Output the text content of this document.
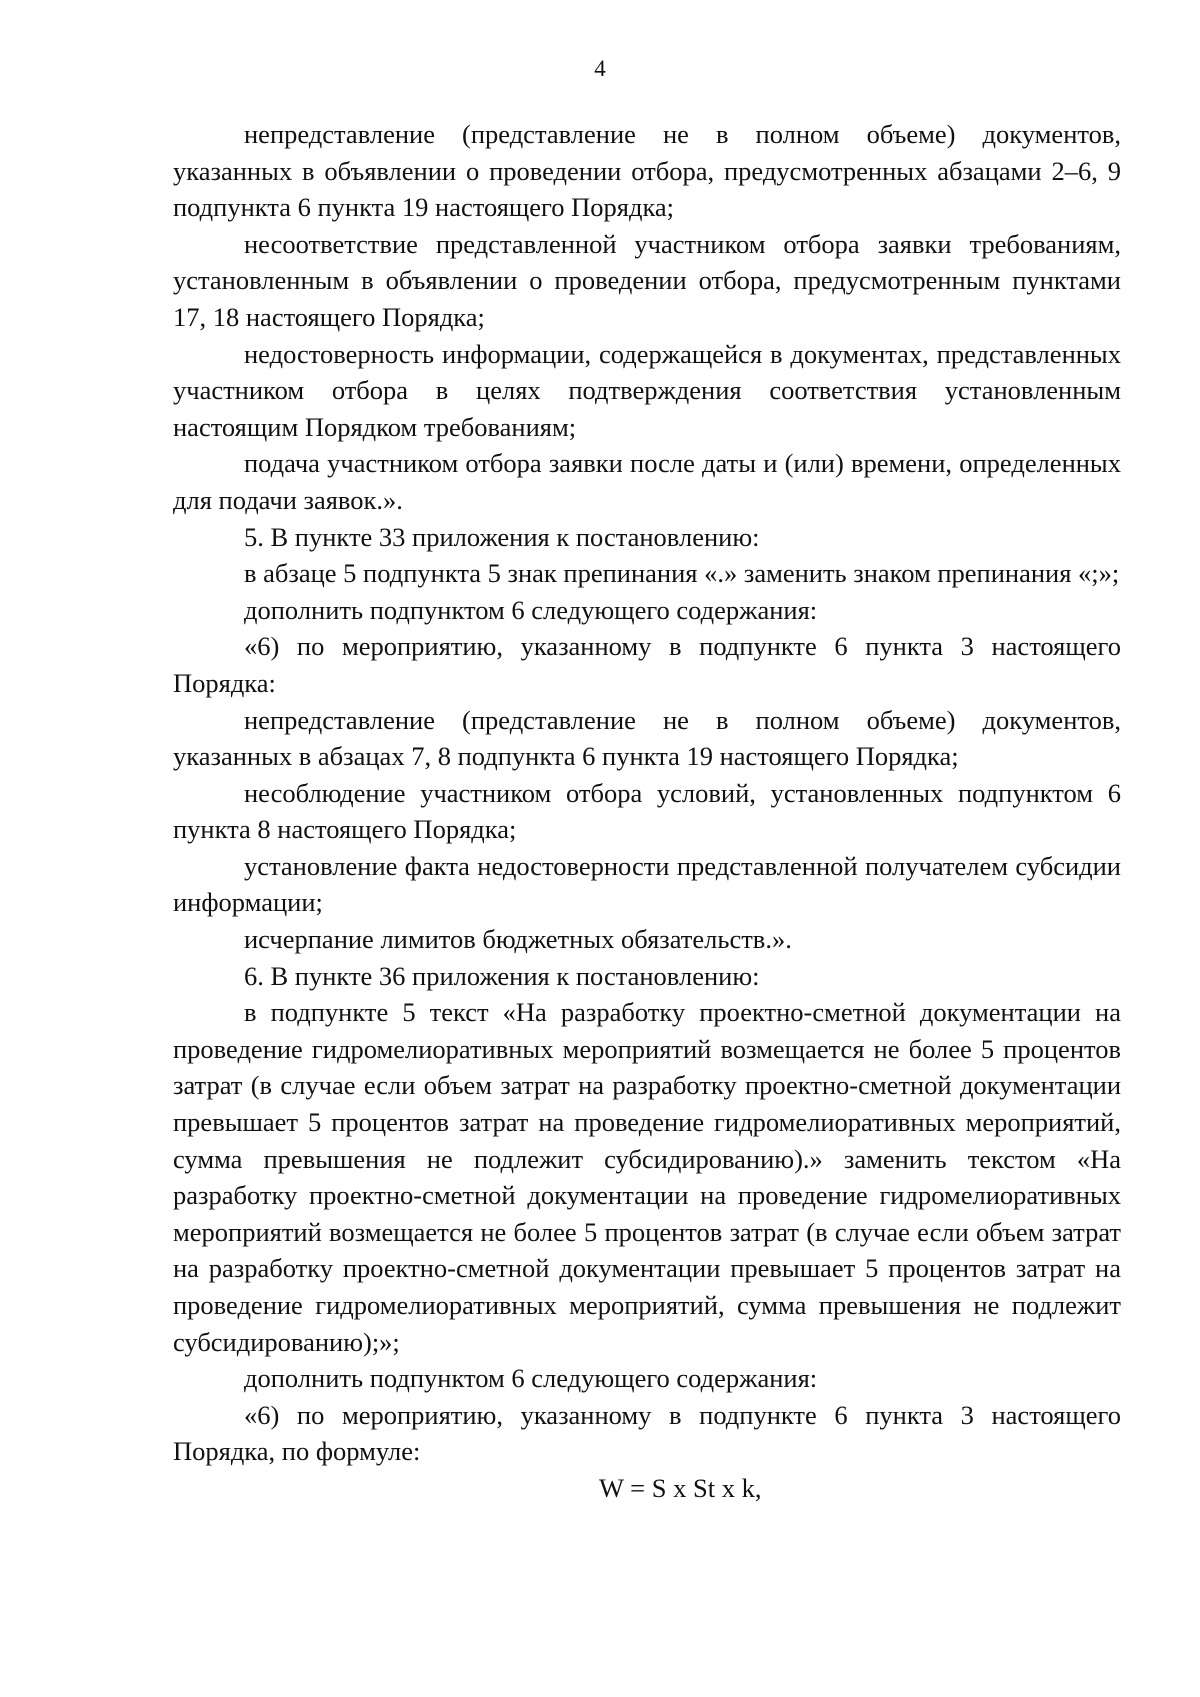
4

непредставление (представление не в полном объеме) документов, указанных в объявлении о проведении отбора, предусмотренных абзацами 2–6, 9 подпункта 6 пункта 19 настоящего Порядка;

несоответствие представленной участником отбора заявки требованиям, установленным в объявлении о проведении отбора, предусмотренным пунктами 17, 18 настоящего Порядка;

недостоверность информации, содержащейся в документах, представленных участником отбора в целях подтверждения соответствия установленным настоящим Порядком требованиям;

подача участником отбора заявки после даты и (или) времени, определенных для подачи заявок.».

5. В пункте 33 приложения к постановлению:

в абзаце 5 подпункта 5 знак препинания «.» заменить знаком препинания «;»;

дополнить подпунктом 6 следующего содержания:

«6) по мероприятию, указанному в подпункте 6 пункта 3 настоящего Порядка:

непредставление (представление не в полном объеме) документов, указанных в абзацах 7, 8 подпункта 6 пункта 19 настоящего Порядка;

несоблюдение участником отбора условий, установленных подпунктом 6 пункта 8 настоящего Порядка;

установление факта недостоверности представленной получателем субсидии информации;

исчерпание лимитов бюджетных обязательств.».

6. В пункте 36 приложения к постановлению:

в подпункте 5 текст «На разработку проектно-сметной документации на проведение гидромелиоративных мероприятий возмещается не более 5 процентов затрат (в случае если объем затрат на разработку проектно-сметной документации превышает 5 процентов затрат на проведение гидромелиоративных мероприятий, сумма превышения не подлежит субсидированию).» заменить текстом «На разработку проектно-сметной документации на проведение гидромелиоративных мероприятий возмещается не более 5 процентов затрат (в случае если объем затрат на разработку проектно-сметной документации превышает 5 процентов затрат на проведение гидромелиоративных мероприятий, сумма превышения не подлежит субсидированию);»;

дополнить подпунктом 6 следующего содержания:

«6) по мероприятию, указанному в подпункте 6 пункта 3 настоящего Порядка, по формуле:

W = S x St x k,
